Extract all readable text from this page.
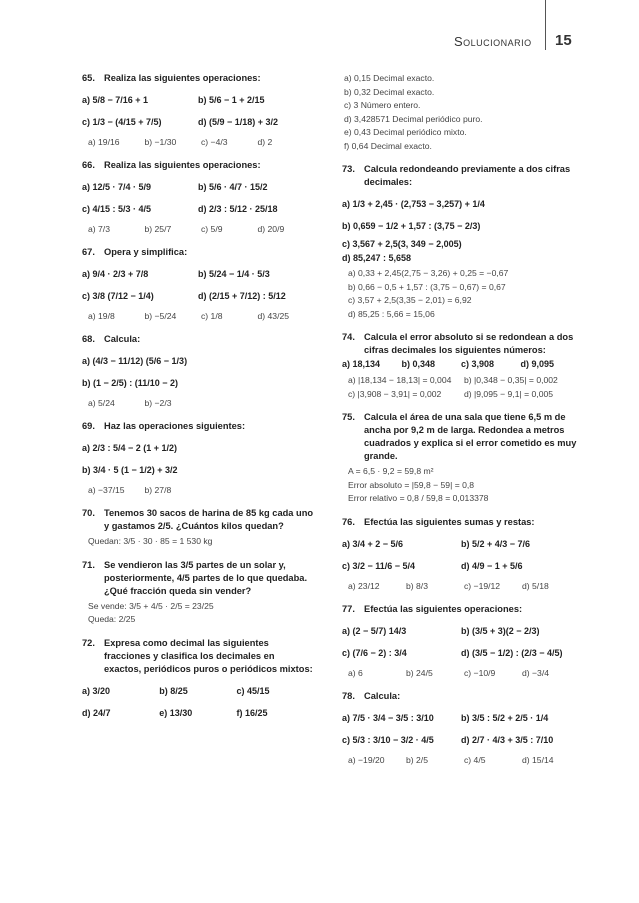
Solucionario 15
65. Realiza las siguientes operaciones:
a) 5/8 − 7/16 + 1	b) 5/6 − 1 + 2/15
c) 1/3 − (4/15 + 7/5)	d) (5/9 − 1/18) + 3/2
a) 19/16	b) −1/30	c) −4/3	d) 2
66. Realiza las siguientes operaciones:
a) 12/5 · 7/4 · 5/9	b) 5/6 · 4/7 · 15/2
c) 4/15 : 5/3 · 4/5	d) 2/3 : 5/12 · 25/18
a) 7/3	b) 25/7	c) 5/9	d) 20/9
67. Opera y simplifica:
a) 9/4 · 2/3 + 7/8	b) 5/24 − 1/4 · 5/3
c) 3/8 (7/12 − 1/4)	d) (2/15 + 7/12) : 5/12
a) 19/8	b) −5/24	c) 1/8	d) 43/25
68. Calcula:
a) (4/3 − 11/12) (5/6 − 1/3)
b) (1 − 2/5) : (11/10 − 2)
a) 5/24	b) −2/3
69. Haz las operaciones siguientes:
a) 2/3 : 5/4 − 2 (1 + 1/2)
b) 3/4 · 5 (1 − 1/2) + 3/2
a) −37/15	b) 27/8
70. Tenemos 30 sacos de harina de 85 kg cada uno y gastamos 2/5. ¿Cuántos kilos quedan?
Quedan: 3/5 · 30 · 85 = 1 530 kg
71. Se vendieron las 3/5 partes de un solar y, posteriormente, 4/5 partes de lo que quedaba. ¿Qué fracción queda sin vender?
Se vende: 3/5 + 4/5 · 2/5 = 23/25
Queda: 2/25
72. Expresa como decimal las siguientes fracciones y clasifica los decimales en exactos, periódicos puros o periódicos mixtos:
a) 3/20	b) 8/25	c) 45/15
d) 24/7	e) 13/30	f) 16/25
a) 0,15 Decimal exacto.
b) 0,32 Decimal exacto.
c) 3 Número entero.
d) 3,428571 Decimal periódico puro.
e) 0,43 Decimal periódico mixto.
f) 0,64 Decimal exacto.
73. Calcula redondeando previamente a dos cifras decimales:
a) 1/3 + 2,45 · (2,753 − 3,257) + 1/4
b) 0,659 − 1/2 + 1,57 : (3,75 − 2/3)
c) 3,567 + 2,5(3, 349 − 2,005)
d) 85,247 : 5,658
a) 0,33 + 2,45(2,75 − 3,26) + 0,25 = −0,67
b) 0,66 − 0,5 + 1,57 : (3,75 − 0,67) = 0,67
c) 3,57 + 2,5(3,35 − 2,01) = 6,92
d) 85,25 : 5,66 = 15,06
74. Calcula el error absoluto si se redondean a dos cifras decimales los siguientes números:
a) 18,134	b) 0,348	c) 3,908	d) 9,095
a) |18,134 − 18,13| = 0,004	b) |0,348 − 0,35| = 0,002
c) |3,908 − 3,91| = 0,002	d) |9,095 − 9,1| = 0,005
75. Calcula el área de una sala que tiene 6,5 m de ancha por 9,2 m de larga. Redondea a metros cuadrados y explica si el error cometido es muy grande.
A = 6,5 · 9,2 = 59,8 m²
Error absoluto = |59,8 − 59| = 0,8
Error relativo = 0,8 / 59,8 = 0,013378
76. Efectúa las siguientes sumas y restas:
a) 3/4 + 2 − 5/6	b) 5/2 + 4/3 − 7/6
c) 3/2 − 11/6 − 5/4	d) 4/9 − 1 + 5/6
a) 23/12	b) 8/3	c) −19/12	d) 5/18
77. Efectúa las siguientes operaciones:
a) (2 − 5/7) 14/3	b) (3/5 + 3)(2 − 2/3)
c) (7/6 − 2) : 3/4	d) (3/5 − 1/2) : (2/3 − 4/5)
a) 6	b) 24/5	c) −10/9	d) −3/4
78. Calcula:
a) 7/5 · 3/4 − 3/5 : 3/10	b) 3/5 : 5/2 + 2/5 · 1/4
c) 5/3 : 3/10 − 3/2 · 4/5	d) 2/7 · 4/3 + 3/5 : 7/10
a) −19/20	b) 2/5	c) 4/5	d) 15/14
